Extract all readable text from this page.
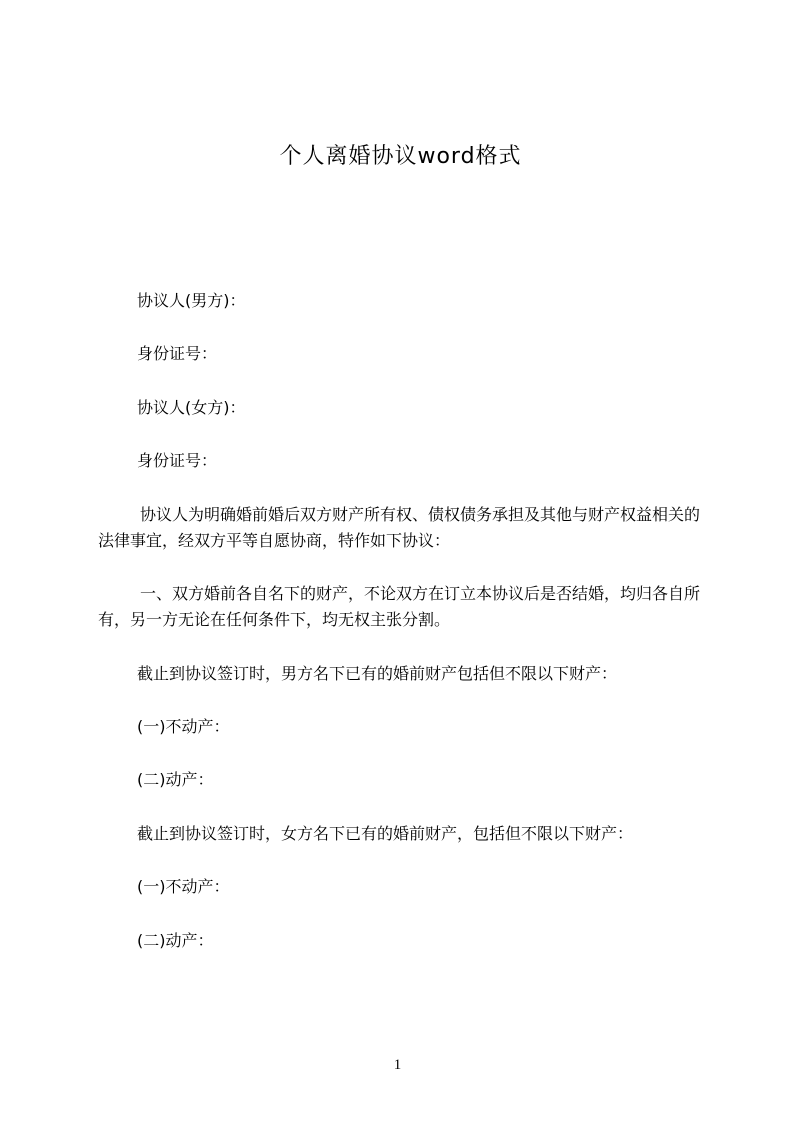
个人离婚协议word格式
协议人(男方)：
身份证号：
协议人(女方)：
身份证号：
协议人为明确婚前婚后双方财产所有权、债权债务承担及其他与财产权益相关的
法律事宜，经双方平等自愿协商，特作如下协议：
一、双方婚前各自名下的财产，不论双方在订立本协议后是否结婚，均归各自所
有，另一方无论在任何条件下，均无权主张分割。
截止到协议签订时，男方名下已有的婚前财产包括但不限以下财产：
(一)不动产：
(二)动产：
截止到协议签订时，女方名下已有的婚前财产，包括但不限以下财产：
(一)不动产：
(二)动产：
1
